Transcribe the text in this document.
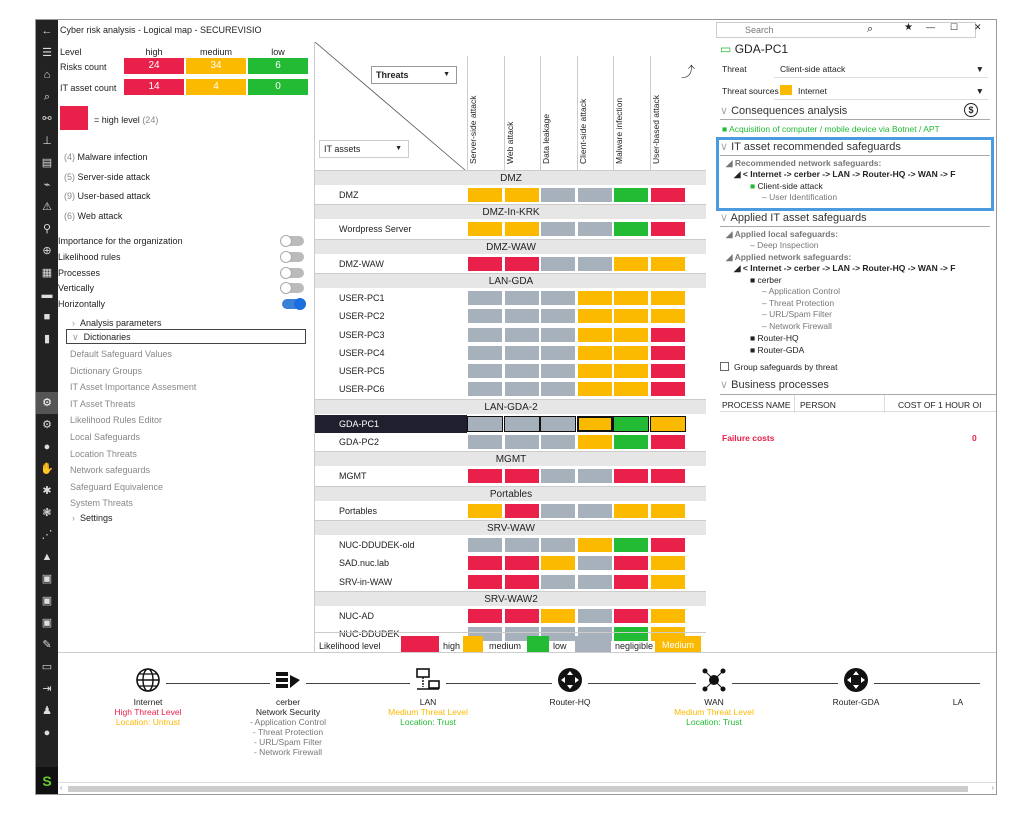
←
☰
⌂
⌕
⚯
⊥
▤
⌁
⚠
⚲
⊕
▦
▬
■
▮
⚙
⚙
●
✋
✱
❃
⋰
▲
▣
▣
▣
✎
▭
⇥
♟
●
S
Cyber risk analysis - Logical map - SECUREVISIO
Level	high	medium	low
Risks count	24	34	6
IT asset count	14	4	0
= high level (24)
(4) Malware infection
(5) Server-side attack
(9) User-based attack
(6) Web attack
Importance for the organization
Likelihood rules
Processes
Vertically
Horizontally
›  Analysis parameters
∨  Dictionaries
Default Safeguard Values
Dictionary Groups
IT Asset Importance Assesment
IT Asset Threats
Likelihood Rules Editor
Local Safeguards
Location Threats
Network safeguards
Safeguard Equivalence
System Threats
›  Settings
Threats	▼
IT assets	▼
⤴
Server-side attack	Web attack	Data leakage	Client-side attack	Malware infection	User-based attack
DMZ
DMZ
DMZ-In-KRK
Wordpress Server
DMZ-WAW
DMZ-WAW
LAN-GDA
USER-PC1
USER-PC2
USER-PC3
USER-PC4
USER-PC5
USER-PC6
LAN-GDA-2
GDA-PC1
GDA-PC2
MGMT
MGMT
Portables
Portables
SRV-WAW
NUC-DDUDEK-old
SAD.nuc.lab
SRV-in-WAW
SRV-WAW2
NUC-AD
NUC-DDUDEK
Likelihood level	high	medium	low	negligible Medium
Search	⌕	★ — ☐ ✕
▭ GDA-PC1
Threat	Client-side attack	▼
Threat sources Internet	▼
∨ Consequences analysis	$
■ Acquisition of computer / mobile device via Botnet / APT
∨ IT asset recommended safeguards
◢ Recommended network safeguards:
◢ < Internet -> cerber -> LAN -> Router-HQ -> WAN -> F
■ Client-side attack
– User Identification
∨ Applied IT asset safeguards
◢ Applied local safeguards:
– Deep Inspection
◢ Applied network safeguards:
◢ < Internet -> cerber -> LAN -> Router-HQ -> WAN -> F
■ cerber
– Application Control
– Threat Protection
– URL/Spam Filter
– Network Firewall
■ Router-HQ
■ Router-GDA
Group safeguards by threat
∨ Business processes
PROCESS NAME PERSON	COST OF 1 HOUR OI
Failure costs	0
Internet
High Threat Level
Location: Untrust
cerber
Network Security
- Application Control
- Threat Protection
- URL/Spam Filter
- Network Firewall
LAN
Medium Threat Level
Location: Trust
Router-HQ	WAN
Medium Threat Level
Location: Trust
Router-GDA	LA
‹	›
